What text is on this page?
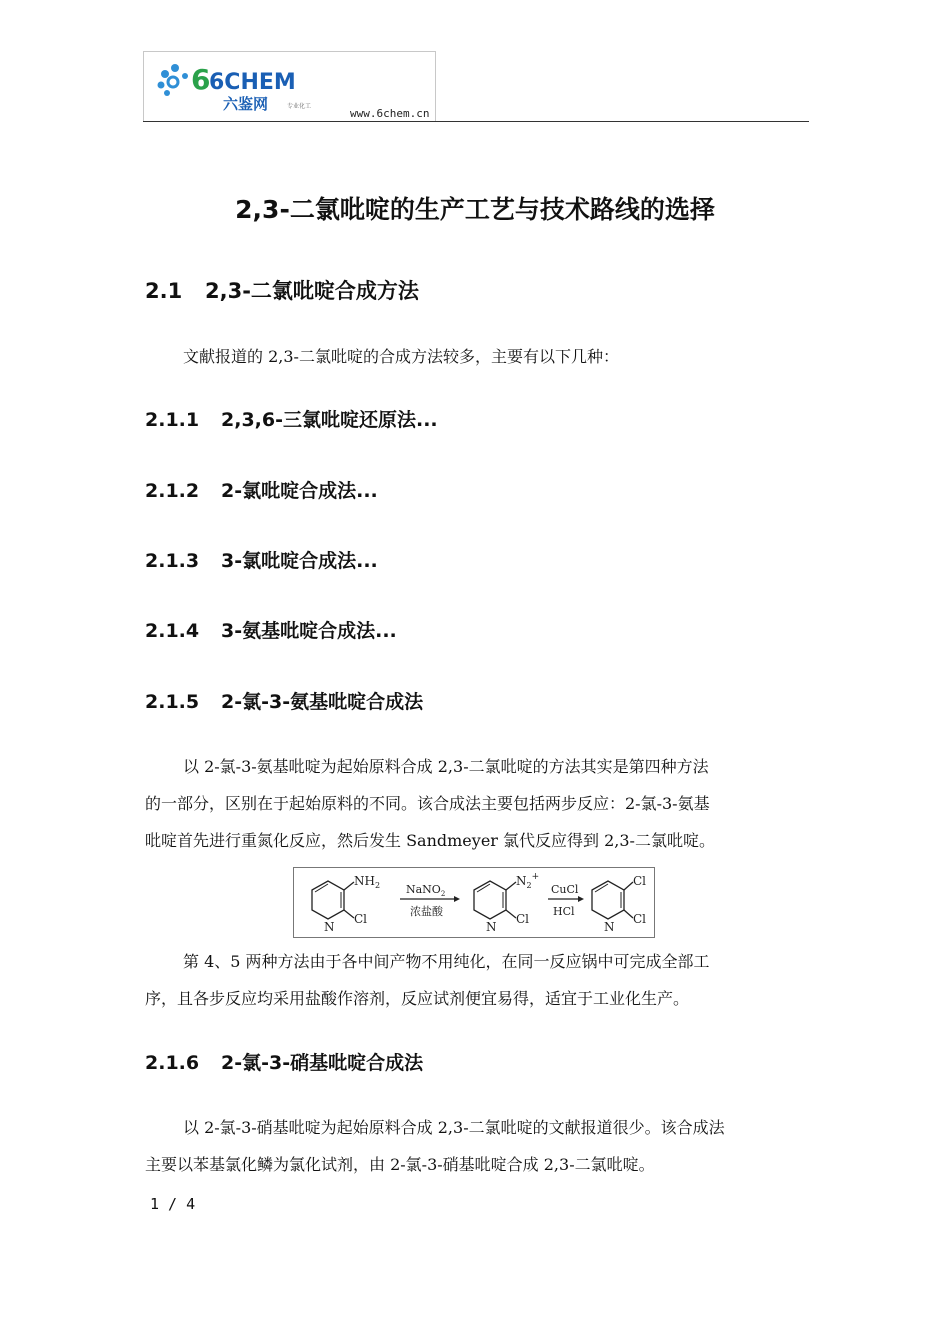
6
6CHEM
六鉴网	专业化工
www.6chem.cn
2,3-二氯吡啶的生产工艺与技术路线的选择
2.1 2,3-二氯吡啶合成方法

文献报道的 2,3-二氯吡啶的合成方法较多，主要有以下几种：

2.1.1 2,3,6-三氯吡啶还原法...
2.1.2 2-氯吡啶合成法...
2.1.3 3-氯吡啶合成法...
2.1.4 3-氨基吡啶合成法...
2.1.5 2-氯-3-氨基吡啶合成法

以 2-氯-3-氨基吡啶为起始原料合成 2,3-二氯吡啶的方法其实是第四种方法
的一部分，区别在于起始原料的不同。该合成法主要包括两步反应：2-氯-3-氨基
吡啶首先进行重氮化反应，然后发生 Sandmeyer 氯代反应得到 2,3-二氯吡啶。

$NH_2$
Cl
N
NaNO$_2$
浓盐酸
$N_2^+$
Cl
N
CuCl
HCl
Cl
Cl
N

第 4、5 两种方法由于各中间产物不用纯化，在同一反应锅中可完成全部工
序，且各步反应均采用盐酸作溶剂，反应试剂便宜易得，适宜于工业化生产。

2.1.6 2-氯-3-硝基吡啶合成法

以 2-氯-3-硝基吡啶为起始原料合成 2,3-二氯吡啶的文献报道很少。该合成法
主要以苯基氯化鳞为氯化试剂，由 2-氯-3-硝基吡啶合成 2,3-二氯吡啶。

1 / 4
